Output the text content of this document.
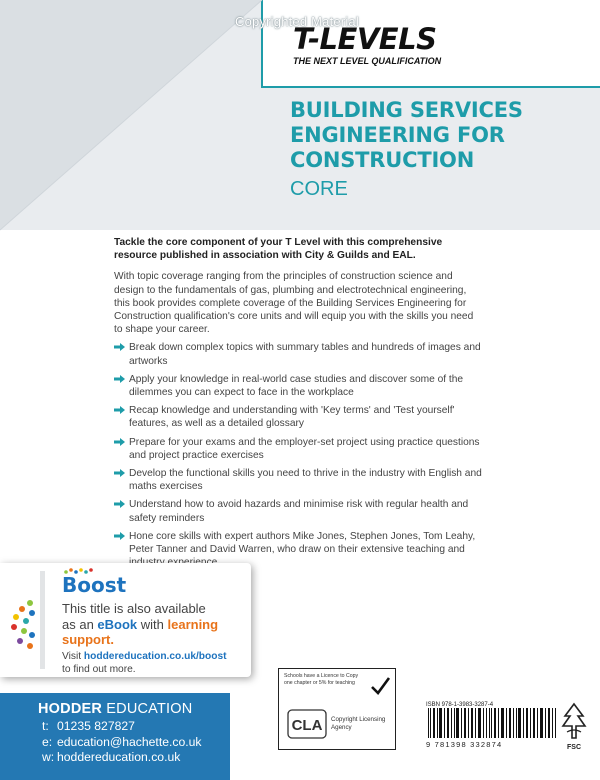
Copyrighted Material
T-LEVELS
THE NEXT LEVEL QUALIFICATION
BUILDING SERVICES
ENGINEERING FOR
CONSTRUCTION
CORE

Tackle the core component of your T Level with this comprehensive resource published in association with City & Guilds and EAL.

With topic coverage ranging from the principles of construction science and design to the fundamentals of gas, plumbing and electrotechnical engineering, this book provides complete coverage of the Building Services Engineering for Construction qualification's core units and will equip you with the skills you need to shape your career.

Break down complex topics with summary tables and hundreds of images and artworks
Apply your knowledge in real-world case studies and discover some of the dilemmes you can expect to face in the workplace
Recap knowledge and understanding with 'Key terms' and 'Test yourself' features, as well as a detailed glossary
Prepare for your exams and the employer-set project using practice questions and project practice exercises
Develop the functional skills you need to thrive in the industry with English and maths exercises
Understand how to avoid hazards and minimise risk with regular health and safety reminders
Hone core skills with expert authors Mike Jones, Stephen Jones, Tom Leahy, Peter Tanner and David Warren, who draw on their extensive teaching and
Boost
This title is also available
as an eBook with learning
support.
Visit hoddereducation.co.uk/boost
to find out more.
HODDER EDUCATION
t: 01235 827827
e: education@hachette.co.uk
w: hoddereducation.co.uk
Schools have a Licence to Copy one chapter or 5% for teaching
CLA Copyright Licensing Agency
ISBN 978-1-3983-3287-4
9 781398 332874	FSC
